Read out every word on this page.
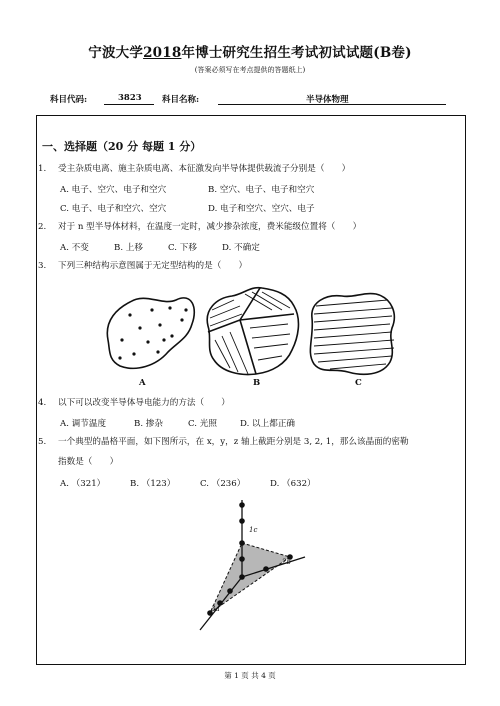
宁波大学2018年博士研究生招生考试初试试题(B卷)
(答案必须写在考点提供的答题纸上)
科目代码:	3823 科目名称:	半导体物理
一、选择题（20 分 每题 1 分）
1. 受主杂质电离、施主杂质电离、本征激发向半导体提供载流子分别是（　　）
A. 电子、空穴、电子和空穴	B. 空穴、电子、电子和空穴
C. 电子、电子和空穴、空穴	D. 电子和空穴、空穴、电子
2. 对于 n 型半导体材料，在温度一定时，减少掺杂浓度，费米能级位置将（　　）
A. 不变	B. 上移	C. 下移	D. 不确定
3. 下列三种结构示意图属于无定型结构的是（　　）
A	B	C
4. 以下可以改变半导体导电能力的方法（　　）
A. 调节温度	B. 掺杂	C. 光照	D. 以上都正确
5. 一个典型的晶格平面，如下图所示，在 x，y，z 轴上截距分别是 3, 2, 1，那么该晶面的密勒
指数是（　　）
A. （321）	B. （123）	C. （236）	D. （632）
1c
2b
3a
第 1 页 共 4 页
